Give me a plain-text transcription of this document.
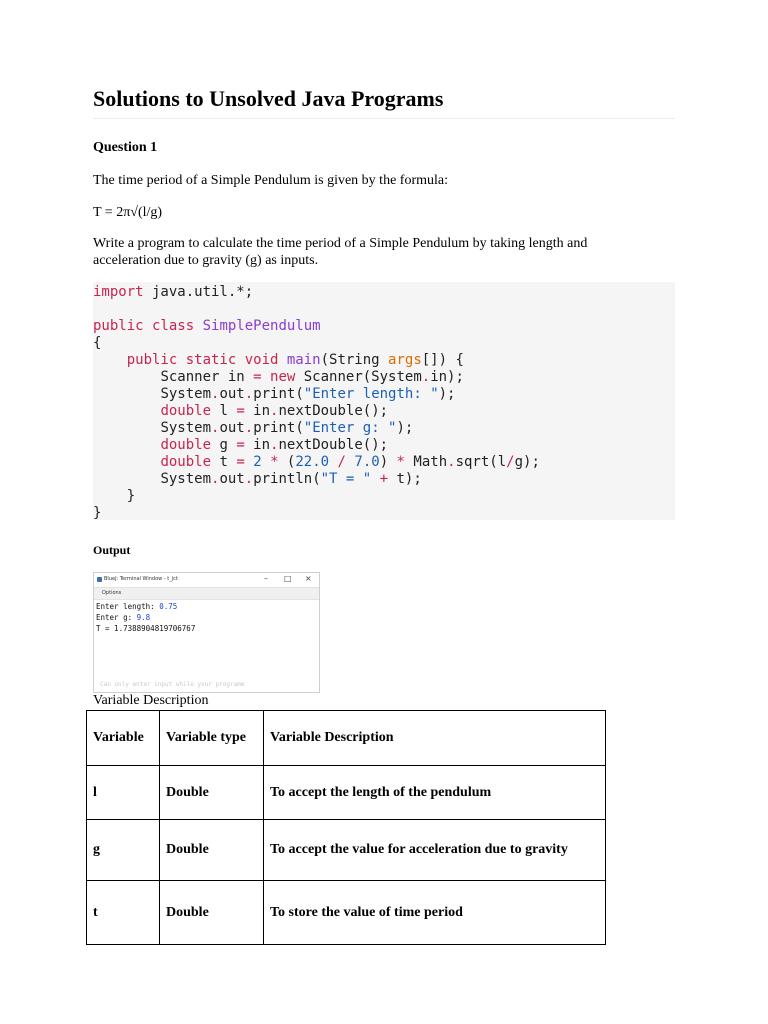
Solutions to Unsolved Java Programs

Question 1

The time period of a Simple Pendulum is given by the formula:

T = 2π√(l/g)

Write a program to calculate the time period of a Simple Pendulum by taking length and

acceleration due to gravity (g) as inputs.

import java.util.*;

public class SimplePendulum
{
public static void main(String args[]) {
Scanner in = new Scanner(System.in);
System.out.print("Enter length: ");
double l = in.nextDouble();
System.out.print("Enter g: ");
double g = in.nextDouble();
double t = 2 * (22.0 / 7.0) * Math.sqrt(l/g);
System.out.println("T = " + t);
}
}

Output

BlueJ: Terminal Window - t_jct	– □ ×
Options
Enter length: 0.75
Enter g: 9.8
T = 1.7388904819706767
Can only enter input while your programm
Variable Description
Variable	Variable type	Variable Description
l	Double	To accept the length of the pendulum
g	Double	To accept the value for acceleration due to gravity
t	Double	To store the value of time period
